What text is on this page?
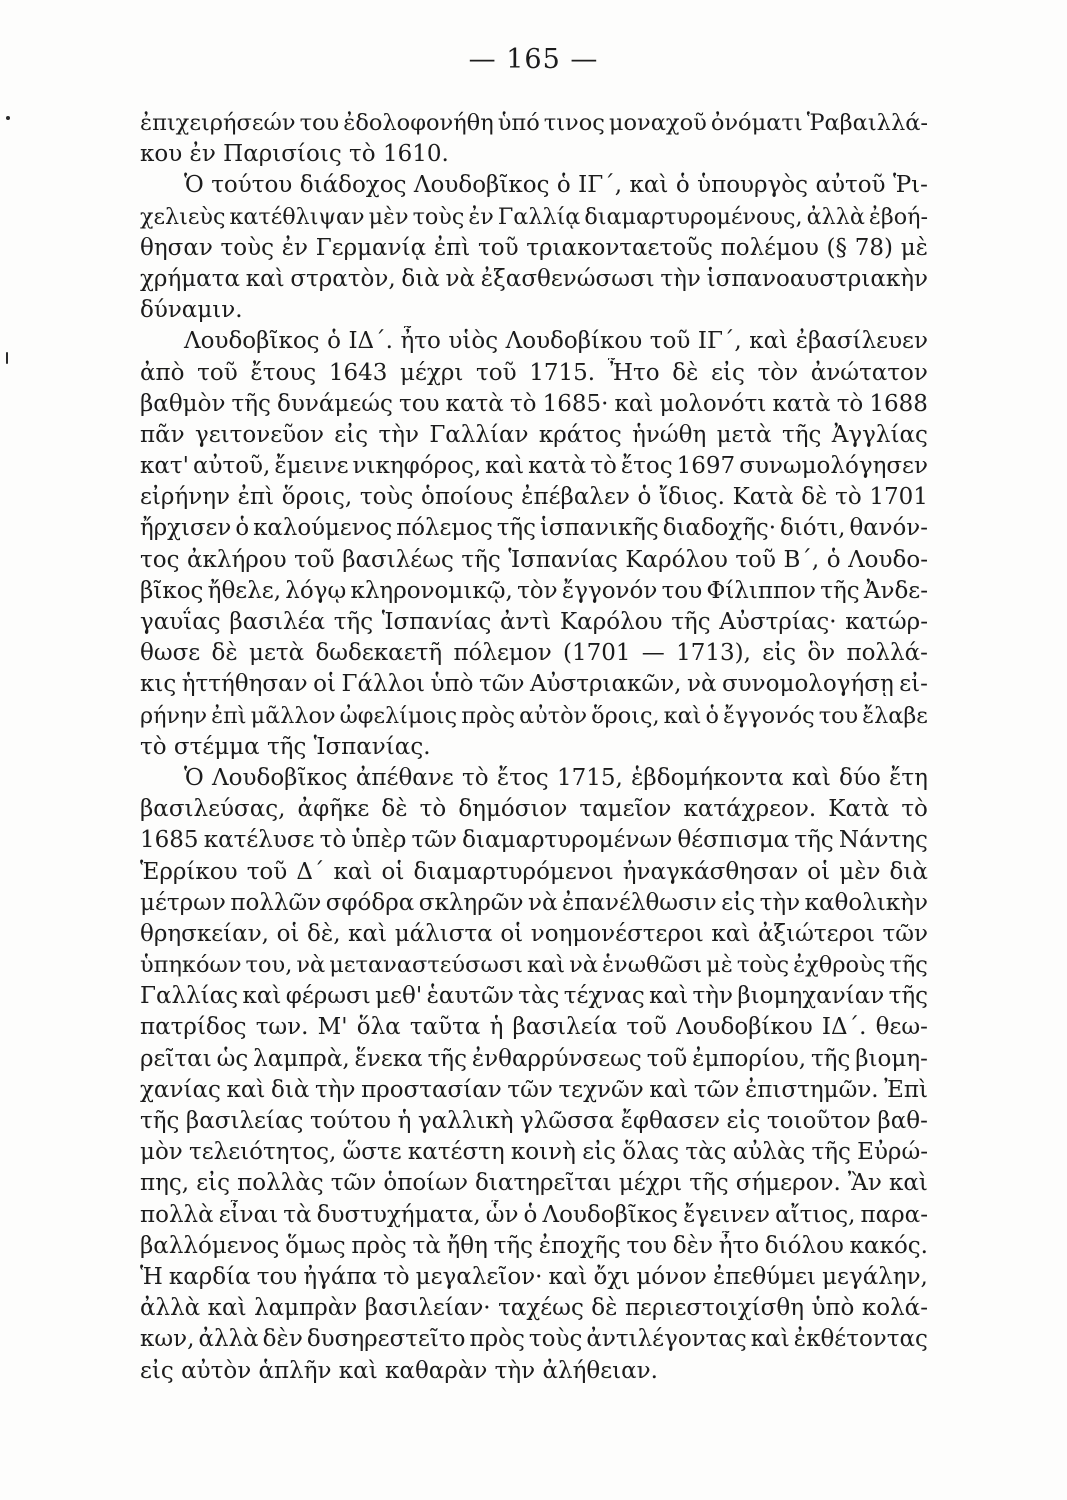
— 165 —
ἐπιχειρήσεών του ἐδολοφονήθη ὑπό τινος μοναχοῦ ὀνόματι Ῥαβαιλλά-
κου ἐν Παρισίοις τὸ 1610.
Ὁ τούτου διάδοχος Λουδοβῖκος ὁ ΙΓ΄, καὶ ὁ ὑπουργὸς αὐτοῦ Ῥι-
χελιεὺς κατέθλιψαν μὲν τοὺς ἐν Γαλλίᾳ διαμαρτυρομένους, ἀλλὰ ἐβοή-
θησαν τοὺς ἐν Γερμανίᾳ ἐπὶ τοῦ τριακονταετοῦς πολέμου (§ 78) μὲ
χρήματα καὶ στρατὸν, διὰ νὰ ἐξασθενώσωσι τὴν ἱσπανοαυστριακὴν
δύναμιν.
Λουδοβῖκος ὁ ΙΔ΄. ἦτο υἱὸς Λουδοβίκου τοῦ ΙΓ΄, καὶ ἐβασίλευεν
ἀπὸ τοῦ ἔτους 1643 μέχρι τοῦ 1715. Ἦτο δὲ εἰς τὸν ἀνώτατον
βαθμὸν τῆς δυνάμεώς του κατὰ τὸ 1685· καὶ μολονότι κατὰ τὸ 1688
πᾶν γειτονεῦον εἰς τὴν Γαλλίαν κράτος ἡνώθη μετὰ τῆς Ἀγγλίας
κατ' αὐτοῦ, ἔμεινε νικηφόρος, καὶ κατὰ τὸ ἔτος 1697 συνωμολόγησεν
εἰρήνην ἐπὶ ὅροις, τοὺς ὁποίους ἐπέβαλεν ὁ ἴδιος. Κατὰ δὲ τὸ 1701
ἤρχισεν ὁ καλούμενος πόλεμος τῆς ἱσπανικῆς διαδοχῆς· διότι, θανόν-
τος ἀκλήρου τοῦ βασιλέως τῆς Ἱσπανίας Καρόλου τοῦ Β΄, ὁ Λουδο-
βῖκος ἤθελε, λόγῳ κληρονομικῷ, τὸν ἔγγονόν του Φίλιππον τῆς Ἀνδε-
γαυΐας βασιλέα τῆς Ἱσπανίας ἀντὶ Καρόλου τῆς Αὐστρίας· κατώρ-
θωσε δὲ μετὰ δωδεκαετῆ πόλεμον (1701 — 1713), εἰς ὃν πολλά-
κις ἡττήθησαν οἱ Γάλλοι ὑπὸ τῶν Αὐστριακῶν, νὰ συνομολογήσῃ εἰ-
ρήνην ἐπὶ μᾶλλον ὠφελίμοις πρὸς αὐτὸν ὅροις, καὶ ὁ ἔγγονός του ἔλαβε
τὸ στέμμα τῆς Ἱσπανίας.
Ὁ Λουδοβῖκος ἀπέθανε τὸ ἔτος 1715, ἑβδομήκοντα καὶ δύο ἔτη
βασιλεύσας, ἀφῆκε δὲ τὸ δημόσιον ταμεῖον κατάχρεον. Κατὰ τὸ
1685 κατέλυσε τὸ ὑπὲρ τῶν διαμαρτυρομένων θέσπισμα τῆς Νάντης
Ἑρρίκου τοῦ Δ΄ καὶ οἱ διαμαρτυρόμενοι ἠναγκάσθησαν οἱ μὲν διὰ
μέτρων πολλῶν σφόδρα σκληρῶν νὰ ἐπανέλθωσιν εἰς τὴν καθολικὴν
θρησκείαν, οἱ δὲ, καὶ μάλιστα οἱ νοημονέστεροι καὶ ἀξιώτεροι τῶν
ὑπηκόων του, νὰ μεταναστεύσωσι καὶ νὰ ἑνωθῶσι μὲ τοὺς ἐχθροὺς τῆς
Γαλλίας καὶ φέρωσι μεθ' ἑαυτῶν τὰς τέχνας καὶ τὴν βιομηχανίαν τῆς
πατρίδος των. Μ' ὅλα ταῦτα ἡ βασιλεία τοῦ Λουδοβίκου ΙΔ΄. θεω-
ρεῖται ὡς λαμπρὰ, ἕνεκα τῆς ἐνθαρρύνσεως τοῦ ἐμπορίου, τῆς βιομη-
χανίας καὶ διὰ τὴν προστασίαν τῶν τεχνῶν καὶ τῶν ἐπιστημῶν. Ἐπὶ
τῆς βασιλείας τούτου ἡ γαλλικὴ γλῶσσα ἔφθασεν εἰς τοιοῦτον βαθ-
μὸν τελειότητος, ὥστε κατέστη κοινὴ εἰς ὅλας τὰς αὐλὰς τῆς Εὐρώ-
πης, εἰς πολλὰς τῶν ὁποίων διατηρεῖται μέχρι τῆς σήμερον. Ἂν καὶ
πολλὰ εἶναι τὰ δυστυχήματα, ὧν ὁ Λουδοβῖκος ἔγεινεν αἴτιος, παρα-
βαλλόμενος ὅμως πρὸς τὰ ἤθη τῆς ἐποχῆς του δὲν ἦτο διόλου κακός.
Ἡ καρδία του ἠγάπα τὸ μεγαλεῖον· καὶ ὄχι μόνον ἐπεθύμει μεγάλην,
ἀλλὰ καὶ λαμπρὰν βασιλείαν· ταχέως δὲ περιεστοιχίσθη ὑπὸ κολά-
κων, ἀλλὰ δὲν δυσηρεστεῖτο πρὸς τοὺς ἀντιλέγοντας καὶ ἐκθέτοντας
εἰς αὐτὸν ἁπλῆν καὶ καθαρὰν τὴν ἀλήθειαν.
